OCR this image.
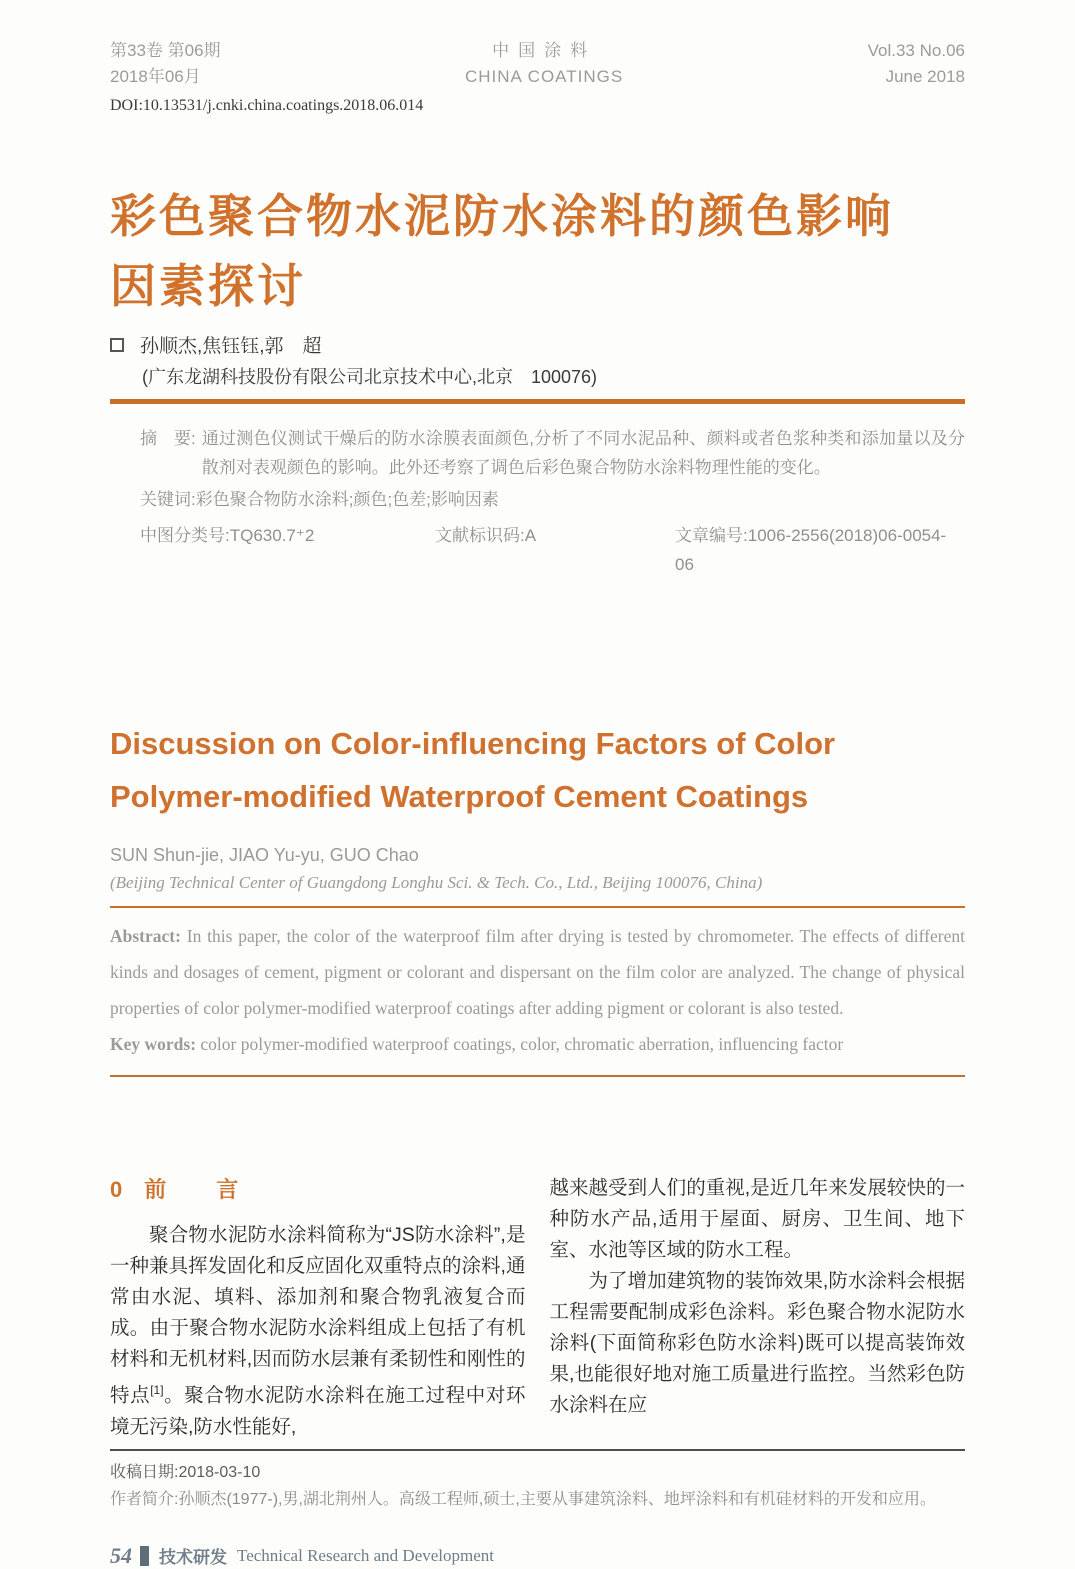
第33卷 第06期
2018年06月
中国涂料
CHINA COATINGS
Vol.33 No.06
June 2018
DOI:10.13531/j.cnki.china.coatings.2018.06.014
彩色聚合物水泥防水涂料的颜色影响因素探讨
孙顺杰,焦钰钰,郭　超
(广东龙湖科技股份有限公司北京技术中心,北京　100076)
摘　要: 通过测色仪测试干燥后的防水涂膜表面颜色,分析了不同水泥品种、颜料或者色浆种类和添加量以及分散剂对表观颜色的影响。此外还考察了调色后彩色聚合物防水涂料物理性能的变化。
关键词:彩色聚合物防水涂料;颜色;色差;影响因素
中图分类号:TQ630.7⁺2	文献标识码:A	文章编号:1006-2556(2018)06-0054-06
Discussion on Color-influencing Factors of Color
Polymer-modified Waterproof Cement Coatings
SUN Shun-jie, JIAO Yu-yu, GUO Chao
(Beijing Technical Center of Guangdong Longhu Sci. & Tech. Co., Ltd., Beijing 100076, China)
Abstract: In this paper, the color of the waterproof film after drying is tested by chromometer. The effects of different kinds and dosages of cement, pigment or colorant and dispersant on the film color are analyzed. The change of physical properties of color polymer-modified waterproof coatings after adding pigment or colorant is also tested.
Key words: color polymer-modified waterproof coatings, color, chromatic aberration, influencing factor
0 前　言

聚合物水泥防水涂料简称为“JS防水涂料”,是一种兼具挥发固化和反应固化双重特点的涂料,通常由水泥、填料、添加剂和聚合物乳液复合而成。由于聚合物水泥防水涂料组成上包括了有机材料和无机材料,因而防水层兼有柔韧性和刚性的特点[1]。聚合物水泥防水涂料在施工过程中对环境无污染,防水性能好,

越来越受到人们的重视,是近几年来发展较快的一种防水产品,适用于屋面、厨房、卫生间、地下室、水池等区域的防水工程。

为了增加建筑物的装饰效果,防水涂料会根据工程需要配制成彩色涂料。彩色聚合物水泥防水涂料(下面简称彩色防水涂料)既可以提高装饰效果,也能很好地对施工质量进行监控。当然彩色防水涂料在应

收稿日期:2018-03-10
作者简介:孙顺杰(1977-),男,湖北荆州人。高级工程师,硕士,主要从事建筑涂料、地坪涂料和有机硅材料的开发和应用。
54 技术研发 Technical Research and Development
